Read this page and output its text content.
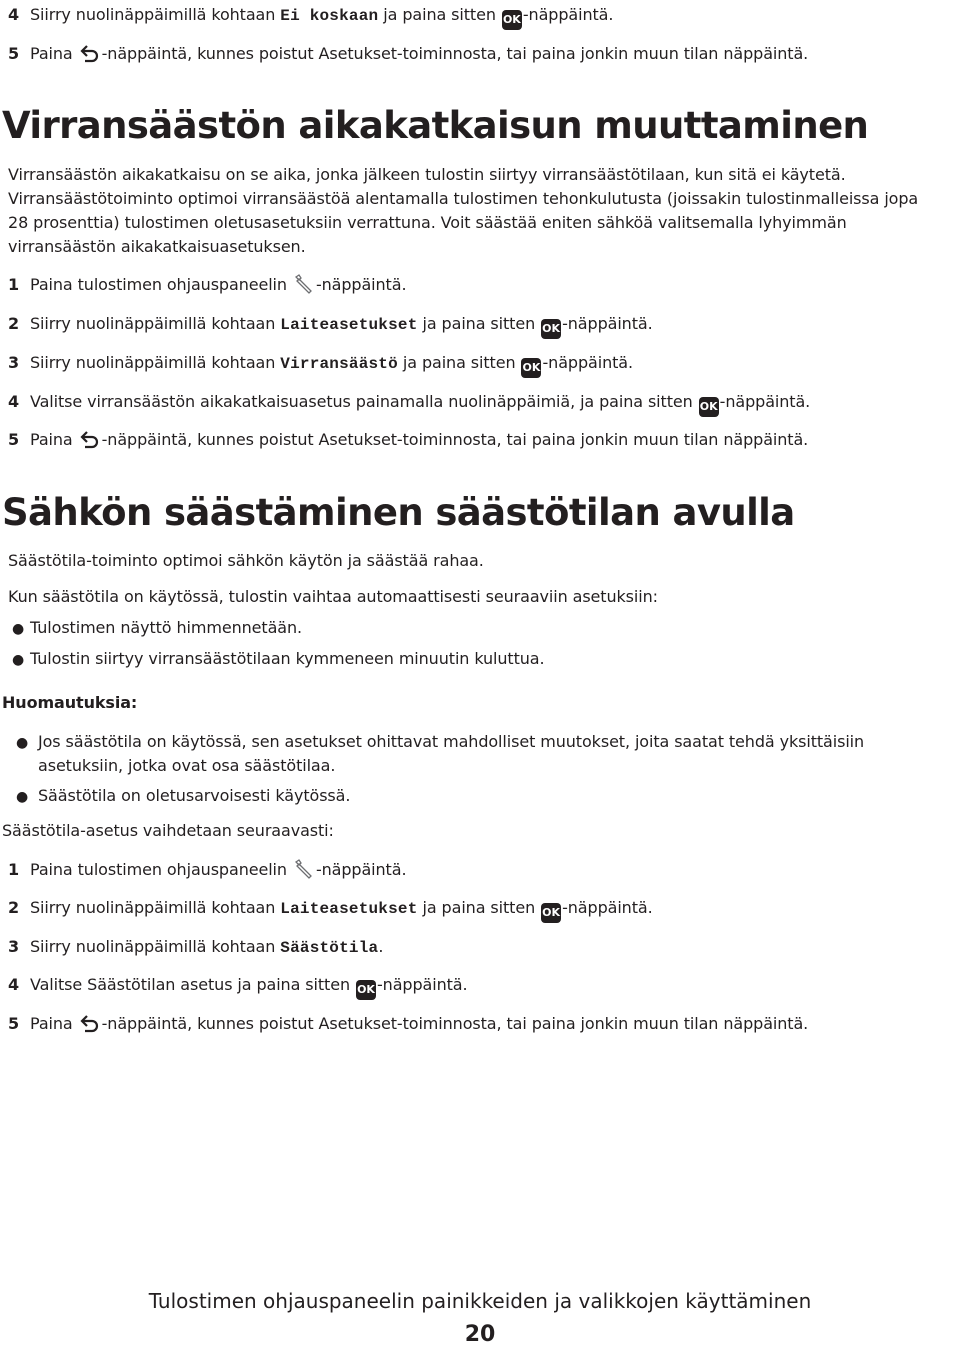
4 Siirry nuolinäppäimillä kohtaan Ei koskaan ja paina sitten OK -näppäintä.
5 Paina -näppäintä, kunnes poistut Asetukset-toiminnosta, tai paina jonkin muun tilan näppäintä.
Virransäästön aikakatkaisun muuttaminen
Virransäästön aikakatkaisu on se aika, jonka jälkeen tulostin siirtyy virransäästötilaan, kun sitä ei käytetä.
Virransäästötoiminto optimoi virransäästöä alentamalla tulostimen tehonkulutusta (joissakin tulostinmalleissa jopa
28 prosenttia) tulostimen oletusasetuksiin verrattuna. Voit säästää eniten sähköä valitsemalla lyhyimmän
virransäästön aikakatkaisuasetuksen.
1 Paina tulostimen ohjauspaneelin -näppäintä.
2 Siirry nuolinäppäimillä kohtaan Laiteasetukset ja paina sitten OK -näppäintä.
3 Siirry nuolinäppäimillä kohtaan Virransäästö ja paina sitten OK -näppäintä.
4 Valitse virransäästön aikakatkaisuasetus painamalla nuolinäppäimiä, ja paina sitten OK -näppäintä.
5 Paina -näppäintä, kunnes poistut Asetukset-toiminnosta, tai paina jonkin muun tilan näppäintä.
Sähkön säästäminen säästötilan avulla
Säästötila-toiminto optimoi sähkön käytön ja säästää rahaa.
Kun säästötila on käytössä, tulostin vaihtaa automaattisesti seuraaviin asetuksiin:
● Tulostimen näyttö himmennetään.
● Tulostin siirtyy virransäästötilaan kymmeneen minuutin kuluttua.
Huomautuksia:
● Jos säästötila on käytössä, sen asetukset ohittavat mahdolliset muutokset, joita saatat tehdä yksittäisiin
asetuksiin, jotka ovat osa säästötilaa.
● Säästötila on oletusarvoisesti käytössä.
Säästötila-asetus vaihdetaan seuraavasti:
1 Paina tulostimen ohjauspaneelin -näppäintä.
2 Siirry nuolinäppäimillä kohtaan Laiteasetukset ja paina sitten OK -näppäintä.
3 Siirry nuolinäppäimillä kohtaan Säästötila.
4 Valitse Säästötilan asetus ja paina sitten OK -näppäintä.
5 Paina -näppäintä, kunnes poistut Asetukset-toiminnosta, tai paina jonkin muun tilan näppäintä.
Tulostimen ohjauspaneelin painikkeiden ja valikkojen käyttäminen
20
